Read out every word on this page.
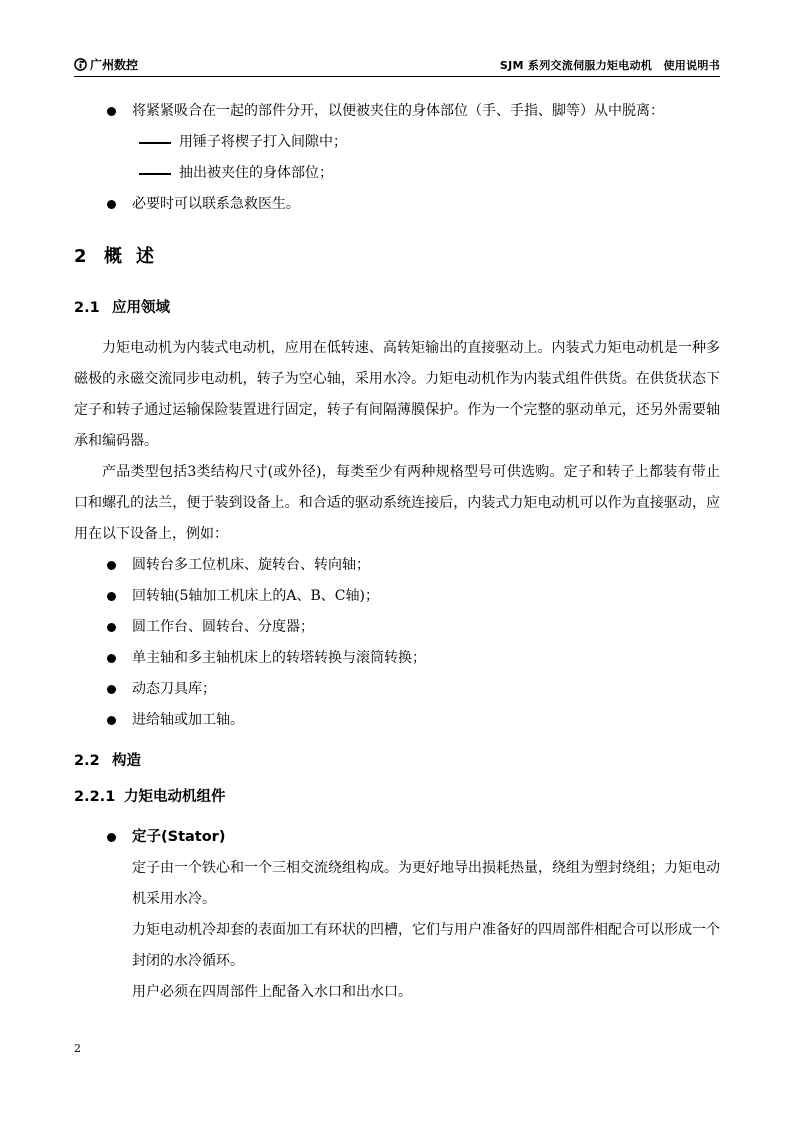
广州数控	SJM 系列交流伺服力矩电动机　使用说明书
将紧紧吸合在一起的部件分开，以便被夹住的身体部位（手、手指、脚等）从中脱离：
用锤子将楔子打入间隙中；
抽出被夹住的身体部位；
必要时可以联系急救医生。
2 概述
2.1 应用领域

力矩电动机为内装式电动机，应用在低转速、高转矩输出的直接驱动上。内装式力矩电动机是一种多磁极的永磁交流同步电动机，转子为空心轴，采用水冷。力矩电动机作为内装式组件供货。在供货状态下定子和转子通过运输保险装置进行固定，转子有间隔薄膜保护。作为一个完整的驱动单元，还另外需要轴承和编码器。

产品类型包括3类结构尺寸(或外径)，每类至少有两种规格型号可供选购。定子和转子上都装有带止口和螺孔的法兰，便于装到设备上。和合适的驱动系统连接后，内装式力矩电动机可以作为直接驱动，应用在以下设备上，例如：

圆转台多工位机床、旋转台、转向轴；
回转轴(5轴加工机床上的A、B、C轴)；
圆工作台、圆转台、分度器；
单主轴和多主轴机床上的转塔转换与滚筒转换；
动态刀具库；
进给轴或加工轴。
2.2 构造
2.2.1 力矩电动机组件
定子(Stator)

定子由一个铁心和一个三相交流绕组构成。为更好地导出损耗热量，绕组为塑封绕组；力矩电动机采用水冷。

力矩电动机冷却套的表面加工有环状的凹槽，它们与用户准备好的四周部件相配合可以形成一个封闭的水冷循环。

用户必须在四周部件上配备入水口和出水口。

2
